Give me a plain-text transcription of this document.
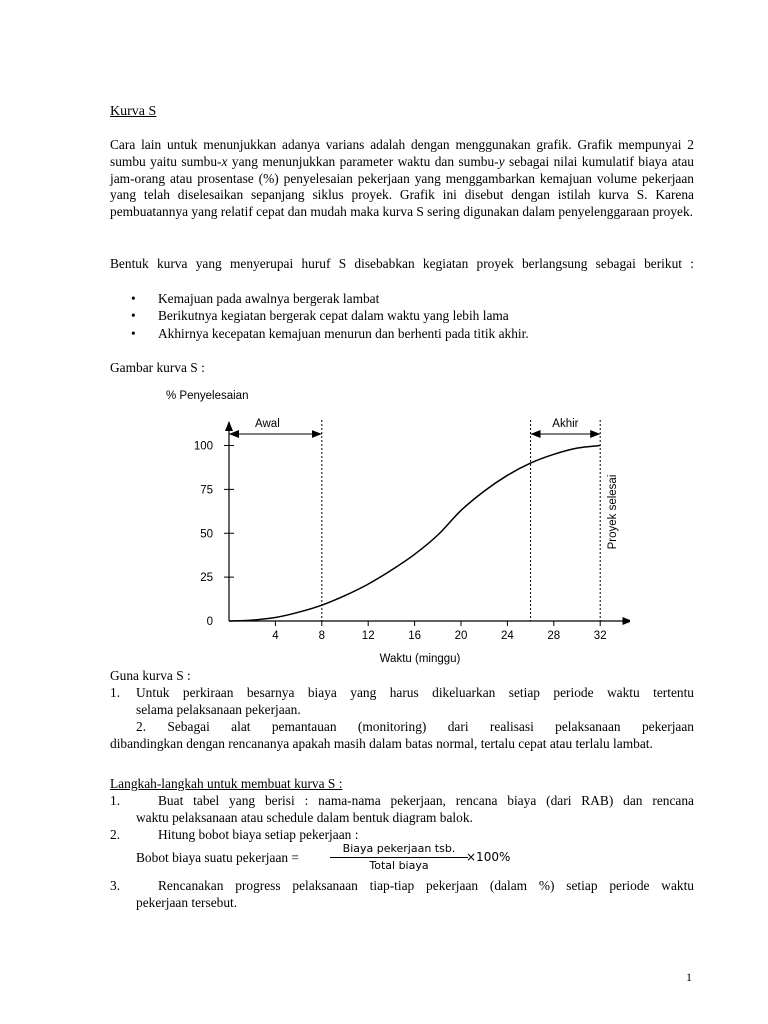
Kurva S
Cara lain untuk menunjukkan adanya varians adalah dengan menggunakan grafik. Grafik mempunyai 2 sumbu yaitu sumbu-x yang menunjukkan parameter waktu dan sumbu-y sebagai nilai kumulatif biaya atau jam-orang atau prosentase (%) penyelesaian pekerjaan yang menggambarkan kemajuan volume pekerjaan yang telah diselesaikan sepanjang siklus proyek. Grafik ini disebut dengan istilah kurva S. Karena pembuatannya yang relatif cepat dan mudah maka kurva S sering digunakan dalam penyelenggaraan proyek.
Bentuk kurva yang menyerupai huruf S disebabkan kegiatan proyek berlangsung sebagai berikut :
• Kemajuan pada awalnya bergerak lambat
• Berikutnya kegiatan bergerak cepat dalam waktu yang lebih lama
• Akhirnya kecepatan kemajuan menurun dan berhenti pada titik akhir.
Gambar kurva S :
4	8	12	16	20	24	28	32
0
25
50
75
100
% Penyelesaian
Waktu (minggu)
Awal	Akhir
Proyek selesai
Guna kurva S :
1. Untuk perkiraan besarnya biaya yang harus dikeluarkan setiap periode waktu tertentu
selama pelaksanaan pekerjaan.
2. Sebagai alat pemantauan (monitoring) dari realisasi pelaksanaan pekerjaan
dibandingkan dengan rencananya apakah masih dalam batas normal, tertalu cepat atau terlalu lambat.
Langkah-langkah untuk membuat kurva S :
1.	Buat tabel yang berisi : nama-nama pekerjaan, rencana biaya (dari RAB) dan rencana
waktu pelaksanaan atau schedule dalam bentuk diagram balok.
2.	Hitung bobot biaya setiap pekerjaan :
Bobot biaya suatu pekerjaan =
Biaya pekerjaan tsb.
Total biaya
×100%
3.	Rencanakan progress pelaksanaan tiap-tiap pekerjaan (dalam %) setiap periode waktu
pekerjaan tersebut.
1
